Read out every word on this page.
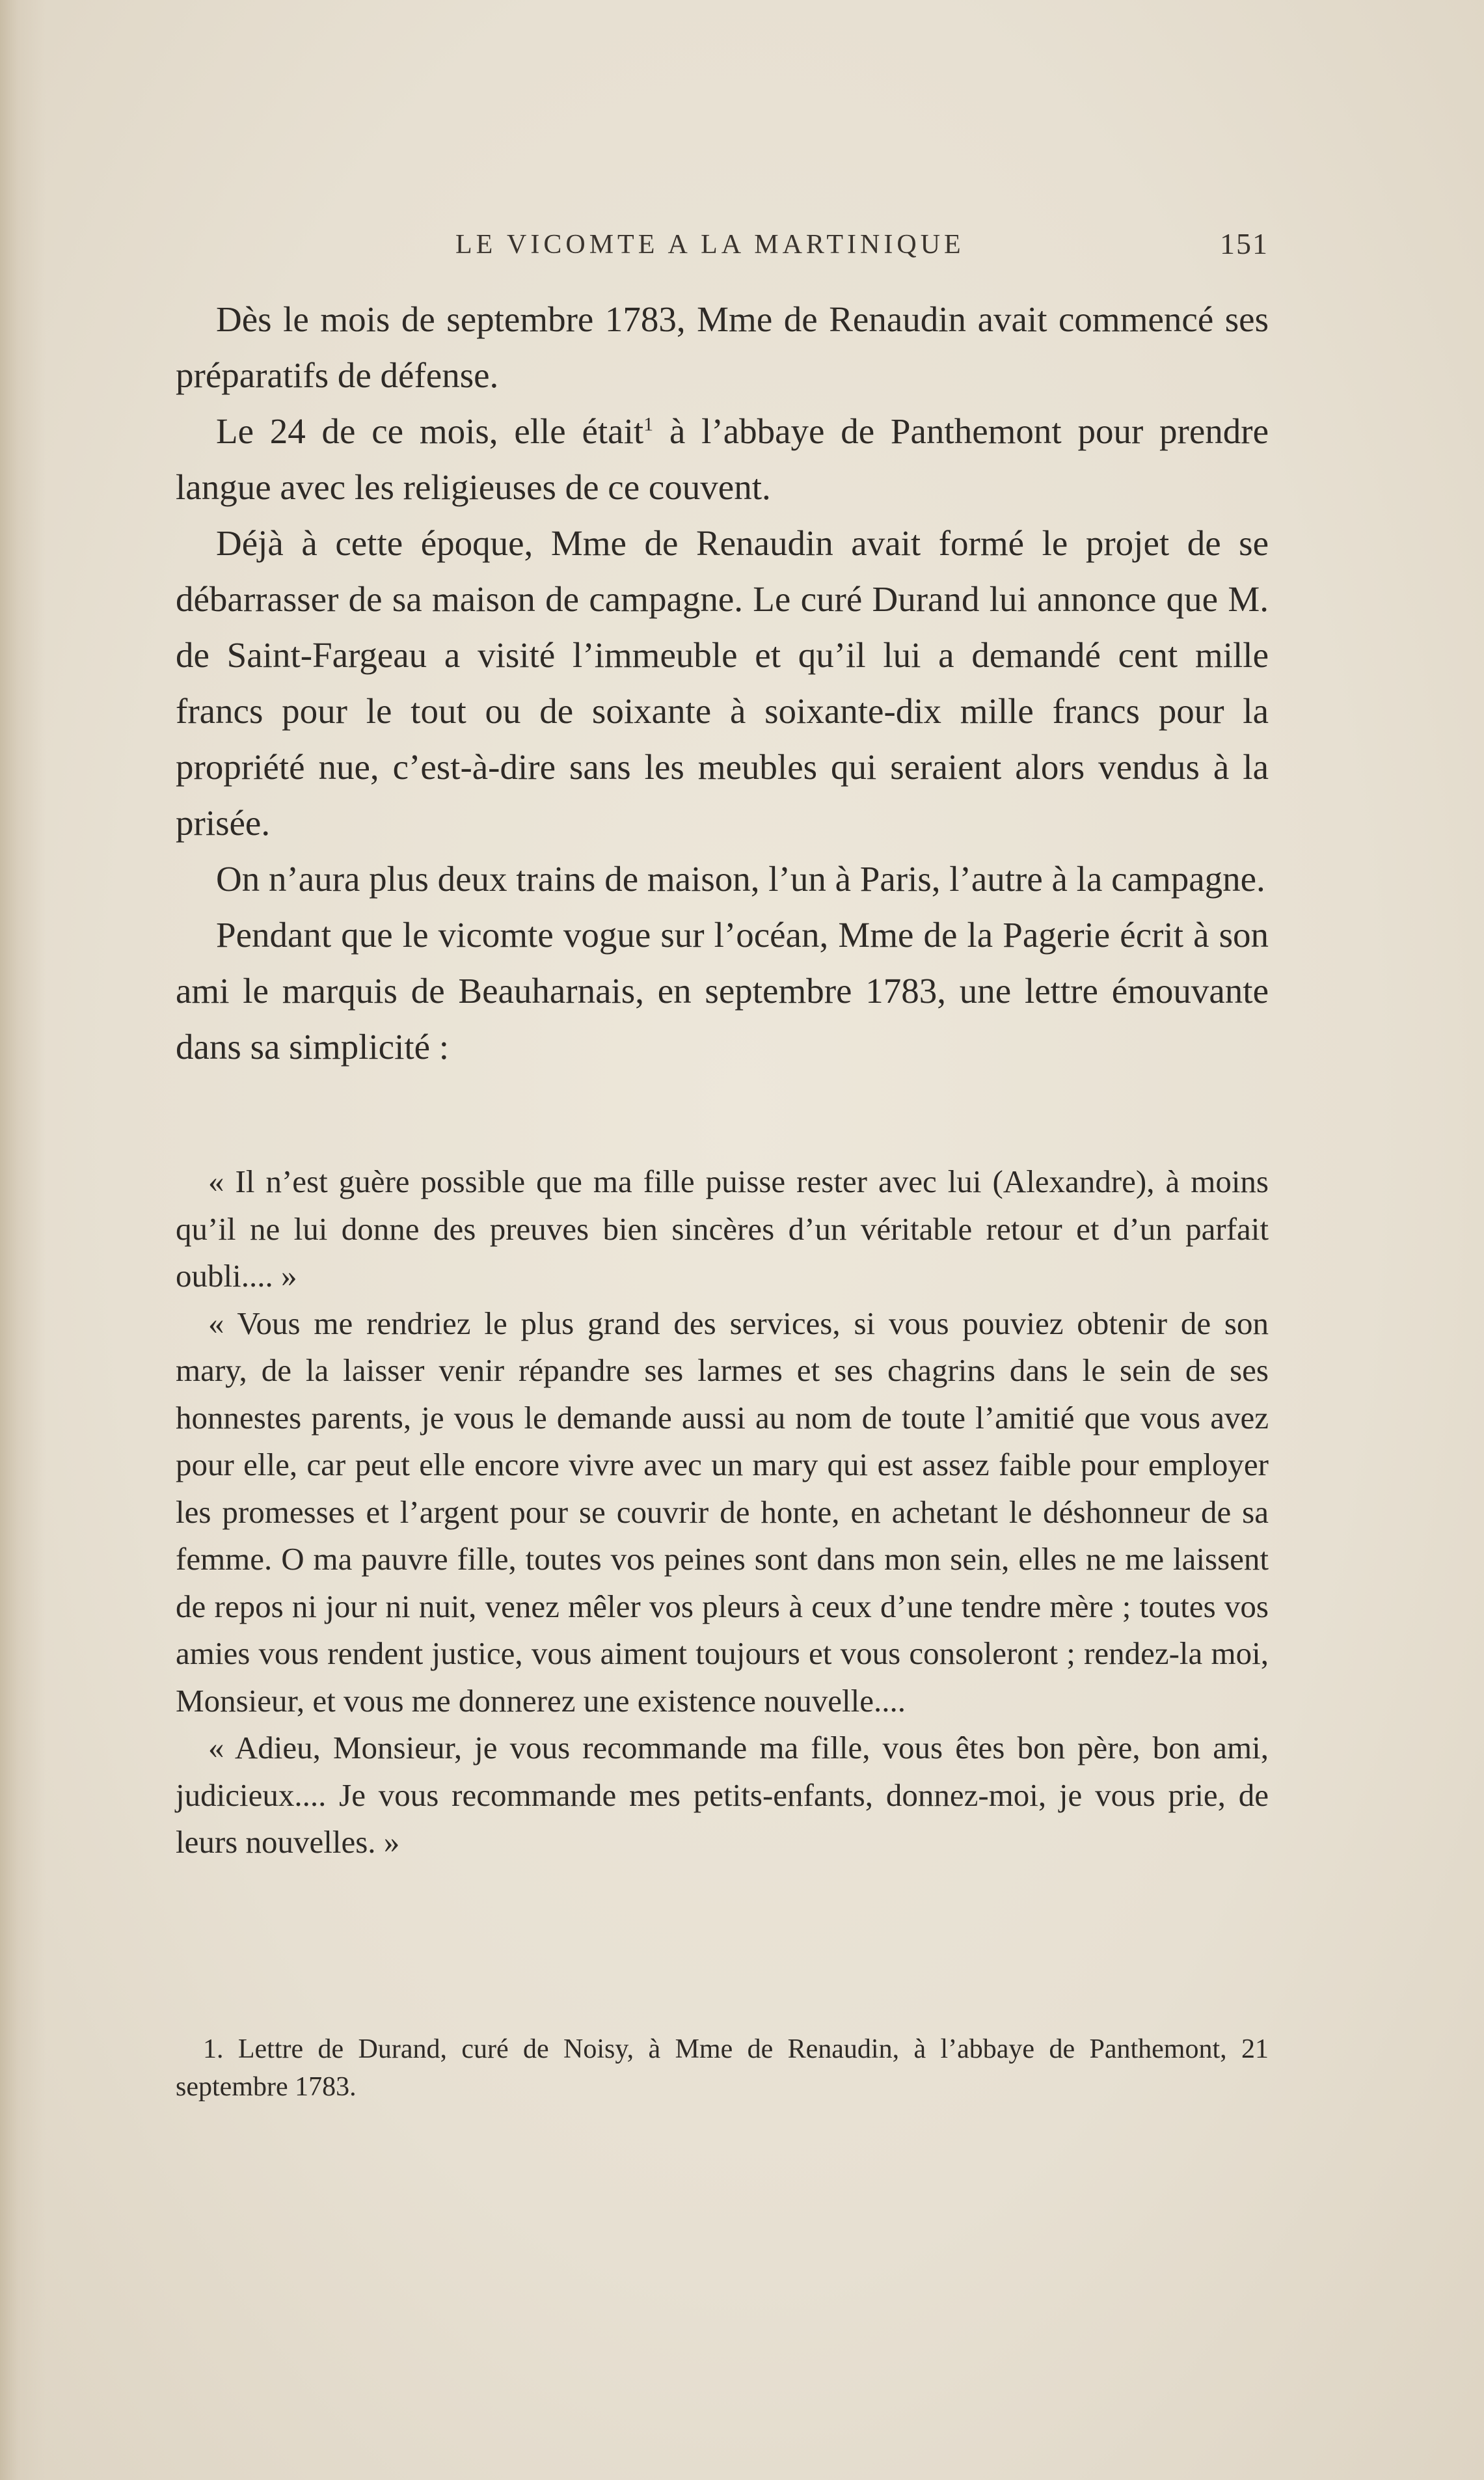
LE VICOMTE A LA MARTINIQUE	151

Dès le mois de septembre 1783, Mme de Renaudin avait commencé ses préparatifs de défense.

Le 24 de ce mois, elle était$^1$ à l’abbaye de Panthemont pour prendre langue avec les religieuses de ce couvent.

Déjà à cette époque, Mme de Renaudin avait formé le projet de se débarrasser de sa maison de campagne. Le curé Durand lui annonce que M. de Saint-Fargeau a visité l’immeuble et qu’il lui a demandé cent mille francs pour le tout ou de soixante à soixante-dix mille francs pour la propriété nue, c’est-à-dire sans les meubles qui seraient alors vendus à la prisée.

On n’aura plus deux trains de maison, l’un à Paris, l’autre à la campagne.

Pendant que le vicomte vogue sur l’océan, Mme de la Pagerie écrit à son ami le marquis de Beauharnais, en septembre 1783, une lettre émouvante dans sa simplicité :

« Il n’est guère possible que ma fille puisse rester avec lui (Alexandre), à moins qu’il ne lui donne des preuves bien sincères d’un véritable retour et d’un parfait oubli.... »

« Vous me rendriez le plus grand des services, si vous pouviez obtenir de son mary, de la laisser venir répandre ses larmes et ses chagrins dans le sein de ses honnestes parents, je vous le demande aussi au nom de toute l’amitié que vous avez pour elle, car peut elle encore vivre avec un mary qui est assez faible pour employer les promesses et l’argent pour se couvrir de honte, en achetant le déshonneur de sa femme. O ma pauvre fille, toutes vos peines sont dans mon sein, elles ne me laissent de repos ni jour ni nuit, venez mêler vos pleurs à ceux d’une tendre mère ; toutes vos amies vous rendent justice, vous aiment toujours et vous consoleront ; rendez-la moi, Monsieur, et vous me donnerez une existence nouvelle....

« Adieu, Monsieur, je vous recommande ma fille, vous êtes bon père, bon ami, judicieux.... Je vous recommande mes petits-enfants, donnez-moi, je vous prie, de leurs nouvelles. »

1. Lettre de Durand, curé de Noisy, à Mme de Renaudin, à l’abbaye de Panthemont, 21 septembre 1783.
